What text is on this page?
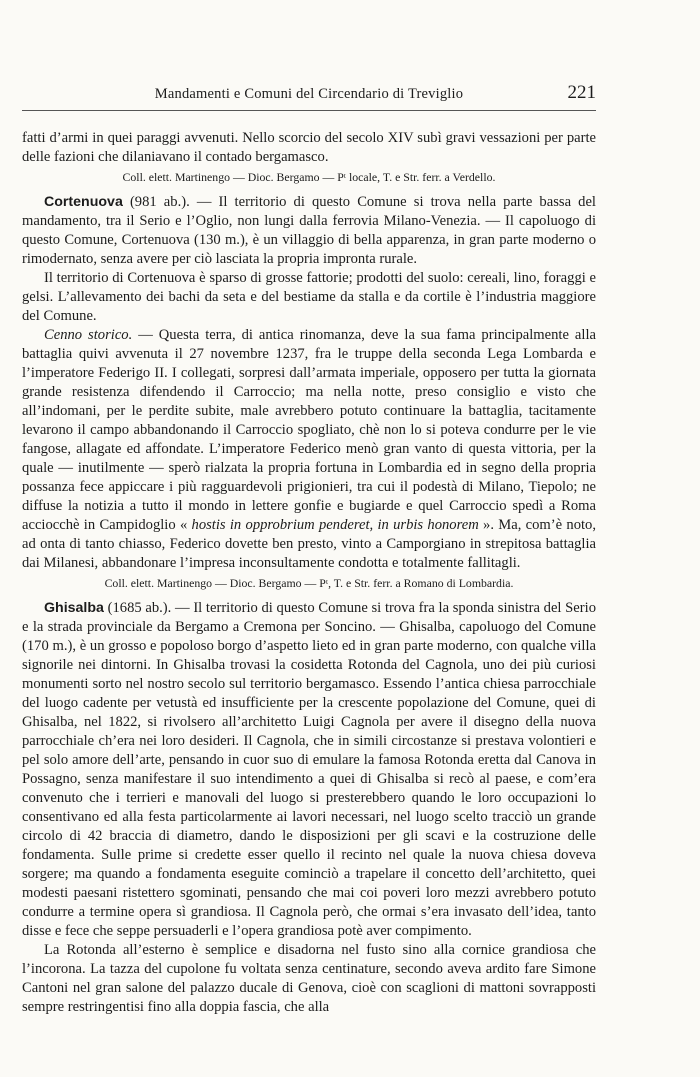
Mandamenti e Comuni del Circendario di Treviglio	221

fatti d’armi in quei paraggi avvenuti. Nello scorcio del secolo XIV subì gravi vessazioni per parte delle fazioni che dilaniavano il contado bergamasco.

Coll. elett. Martinengo — Dioc. Bergamo — Pᵗ locale, T. e Str. ferr. a Verdello.

Cortenuova (981 ab.). — Il territorio di questo Comune si trova nella parte bassa del mandamento, tra il Serio e l’Oglio, non lungi dalla ferrovia Milano-Venezia. — Il capoluogo di questo Comune, Cortenuova (130 m.), è un villaggio di bella apparenza, in gran parte moderno o rimodernato, senza avere per ciò lasciata la propria impronta rurale.

Il territorio di Cortenuova è sparso di grosse fattorie; prodotti del suolo: cereali, lino, foraggi e gelsi. L’allevamento dei bachi da seta e del bestiame da stalla e da cortile è l’industria maggiore del Comune.

Cenno storico. — Questa terra, di antica rinomanza, deve la sua fama principalmente alla battaglia quivi avvenuta il 27 novembre 1237, fra le truppe della seconda Lega Lombarda e l’imperatore Federigo II. I collegati, sorpresi dall’armata imperiale, opposero per tutta la giornata grande resistenza difendendo il Carroccio; ma nella notte, preso consiglio e visto che all’indomani, per le perdite subite, male avrebbero potuto continuare la battaglia, tacitamente levarono il campo abbandonando il Carroccio spogliato, chè non lo si poteva condurre per le vie fangose, allagate ed affondate. L’imperatore Federico menò gran vanto di questa vittoria, per la quale — inutilmente — sperò rialzata la propria fortuna in Lombardia ed in segno della propria possanza fece appiccare i più ragguardevoli prigionieri, tra cui il podestà di Milano, Tiepolo; ne diffuse la notizia a tutto il mondo in lettere gonfie e bugiarde e quel Carroccio spedì a Roma acciocchè in Campidoglio « hostis in opprobrium penderet, in urbis honorem ». Ma, com’è noto, ad onta di tanto chiasso, Federico dovette ben presto, vinto a Camporgiano in strepitosa battaglia dai Milanesi, abbandonare l’impresa inconsultamente condotta e totalmente fallitagli.

Coll. elett. Martinengo — Dioc. Bergamo — Pᵗ, T. e Str. ferr. a Romano di Lombardia.

Ghisalba (1685 ab.). — Il territorio di questo Comune si trova fra la sponda sinistra del Serio e la strada provinciale da Bergamo a Cremona per Soncino. — Ghisalba, capoluogo del Comune (170 m.), è un grosso e popoloso borgo d’aspetto lieto ed in gran parte moderno, con qualche villa signorile nei dintorni. In Ghisalba trovasi la cosidetta Rotonda del Cagnola, uno dei più curiosi monumenti sorto nel nostro secolo sul territorio bergamasco. Essendo l’antica chiesa parrocchiale del luogo cadente per vetustà ed insufficiente per la crescente popolazione del Comune, quei di Ghisalba, nel 1822, si rivolsero all’architetto Luigi Cagnola per avere il disegno della nuova parrocchiale ch’era nei loro desideri. Il Cagnola, che in simili circostanze si prestava volontieri e pel solo amore dell’arte, pensando in cuor suo di emulare la famosa Rotonda eretta dal Canova in Possagno, senza manifestare il suo intendimento a quei di Ghisalba si recò al paese, e com’era convenuto che i terrieri e manovali del luogo si presterebbero quando le loro occupazioni lo consentivano ed alla festa particolarmente ai lavori necessari, nel luogo scelto tracciò un grande circolo di 42 braccia di diametro, dando le disposizioni per gli scavi e la costruzione delle fondamenta. Sulle prime si credette esser quello il recinto nel quale la nuova chiesa doveva sorgere; ma quando a fondamenta eseguite cominciò a trapelare il concetto dell’architetto, quei modesti paesani ristettero sgominati, pensando che mai coi poveri loro mezzi avrebbero potuto condurre a termine opera sì grandiosa. Il Cagnola però, che ormai s’era invasato dell’idea, tanto disse e fece che seppe persuaderli e l’opera grandiosa potè aver compimento.

La Rotonda all’esterno è semplice e disadorna nel fusto sino alla cornice grandiosa che l’incorona. La tazza del cupolone fu voltata senza centinature, secondo aveva ardito fare Simone Cantoni nel gran salone del palazzo ducale di Genova, cioè con scaglioni di mattoni sovrapposti sempre restringentisi fino alla doppia fascia, che alla
